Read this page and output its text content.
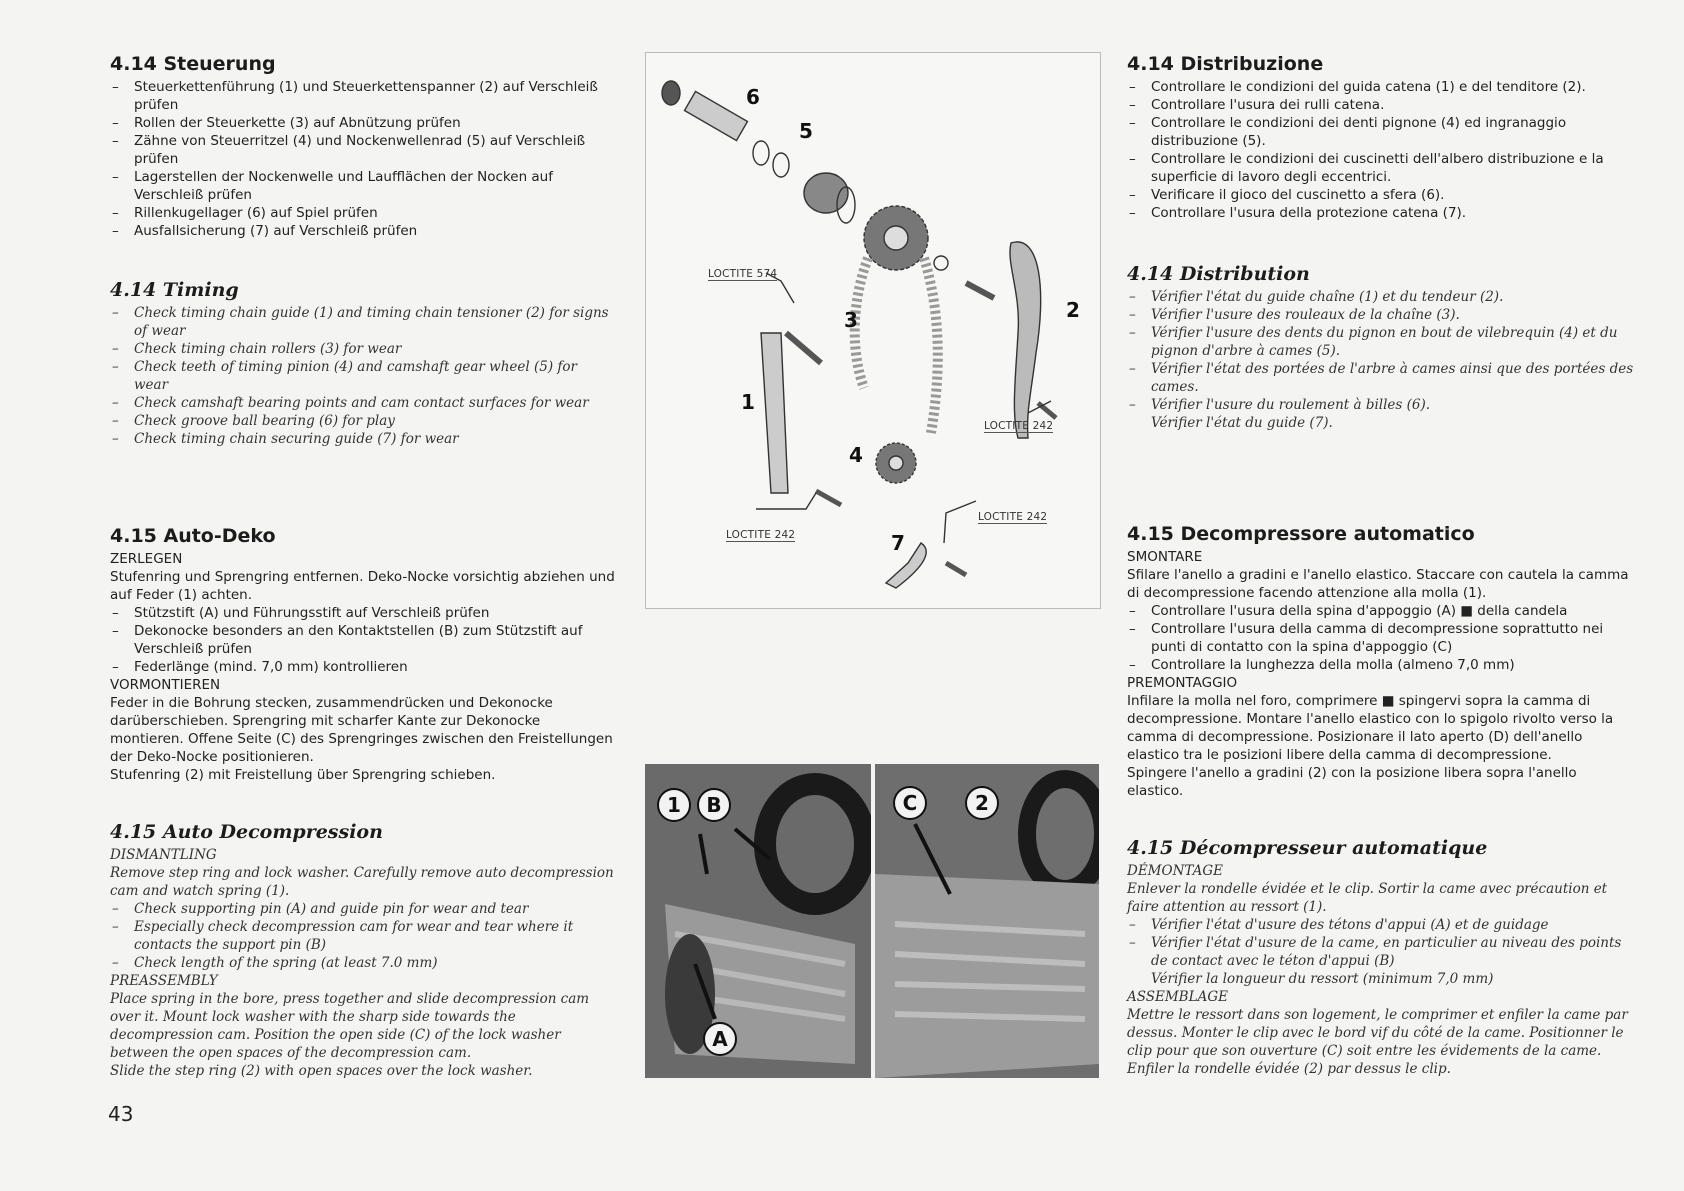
4.14 Steuerung
– Steuerkettenführung (1) und Steuerkettenspanner (2) auf Verschleiß prüfen
– Rollen der Steuerkette (3) auf Abnützung prüfen
– Zähne von Steuerritzel (4) und Nockenwellenrad (5) auf Verschleiß prüfen
– Lagerstellen der Nockenwelle und Laufflächen der Nocken auf Verschleiß prüfen
– Rillenkugellager (6) auf Spiel prüfen
– Ausfallsicherung (7) auf Verschleiß prüfen
4.14 Timing
– Check timing chain guide (1) and timing chain tensioner (2) for signs of wear
– Check timing chain rollers (3) for wear
– Check teeth of timing pinion (4) and camshaft gear wheel (5) for wear
– Check camshaft bearing points and cam contact surfaces for wear
– Check groove ball bearing (6) for play
– Check timing chain securing guide (7) for wear
4.15 Auto-Deko

ZERLEGEN

Stufenring und Sprengring entfernen. Deko-Nocke vorsichtig abziehen und auf Feder (1) achten.

– Stützstift (A) und Führungsstift auf Verschleiß prüfen
– Dekonocke besonders an den Kontaktstellen (B) zum Stützstift auf Verschleiß prüfen
– Federlänge (mind. 7,0 mm) kontrollieren

VORMONTIEREN

Feder in die Bohrung stecken, zusammendrücken und Dekonocke darüberschieben. Sprengring mit scharfer Kante zur Dekonocke montieren. Offene Seite (C) des Sprengringes zwischen den Freistellungen der Deko-Nocke positionieren.

Stufenring (2) mit Freistellung über Sprengring schieben.

4.15 Auto Decompression

DISMANTLING

Remove step ring and lock washer. Carefully remove auto decompression cam and watch spring (1).

– Check supporting pin (A) and guide pin for wear and tear
– Especially check decompression cam for wear and tear where it contacts the support pin (B)
– Check length of the spring (at least 7.0 mm)

PREASSEMBLY

Place spring in the bore, press together and slide decompression cam over it. Mount lock washer with the sharp side towards the decompression cam. Position the open side (C) of the lock washer between the open spaces of the decompression cam.

Slide the step ring (2) with open spaces over the lock washer.

43
6
5
3	2
1
4
7
LOCTITE 574
LOCTITE 242
LOCTITE 242
LOCTITE 242
1	B
A
C	2
4.14 Distribuzione
– Controllare le condizioni del guida catena (1) e del tenditore (2).
– Controllare l'usura dei rulli catena.
– Controllare le condizioni dei denti pignone (4) ed ingranaggio distribuzione (5).
– Controllare le condizioni dei cuscinetti dell'albero distribuzione e la superficie di lavoro degli eccentrici.
– Verificare il gioco del cuscinetto a sfera (6).
– Controllare l'usura della protezione catena (7).
4.14 Distribution
– Vérifier l'état du guide chaîne (1) et du tendeur (2).
– Vérifier l'usure des rouleaux de la chaîne (3).
– Vérifier l'usure des dents du pignon en bout de vilebrequin (4) et du pignon d'arbre à cames (5).
– Vérifier l'état des portées de l'arbre à cames ainsi que des portées des cames.
– Vérifier l'usure du roulement à billes (6).

Vérifier l'état du guide (7).

4.15 Decompressore automatico

SMONTARE

Sfilare l'anello a gradini e l'anello elastico. Staccare con cautela la camma di decompressione facendo attenzione alla molla (1).

– Controllare l'usura della spina d'appoggio (A) ■ della candela
– Controllare l'usura della camma di decompressione soprattutto nei punti di contatto con la spina d'appoggio (C)
– Controllare la lunghezza della molla (almeno 7,0 mm)

PREMONTAGGIO

Infilare la molla nel foro, comprimere ■ spingervi sopra la camma di decompressione. Montare l'anello elastico con lo spigolo rivolto verso la camma di decompressione. Posizionare il lato aperto (D) dell'anello elastico tra le posizioni libere della camma di decompressione.

Spingere l'anello a gradini (2) con la posizione libera sopra l'anello elastico.

4.15 Décompresseur automatique

DÉMONTAGE

Enlever la rondelle évidée et le clip. Sortir la came avec précaution et faire attention au ressort (1).

– Vérifier l'état d'usure des tétons d'appui (A) et de guidage
– Vérifier l'état d'usure de la came, en particulier au niveau des points de contact avec le téton d'appui (B)

Vérifier la longueur du ressort (minimum 7,0 mm)

ASSEMBLAGE

Mettre le ressort dans son logement, le comprimer et enfiler la came par dessus. Monter le clip avec le bord vif du côté de la came. Positionner le clip pour que son ouverture (C) soit entre les évidements de la came.

Enfiler la rondelle évidée (2) par dessus le clip.
